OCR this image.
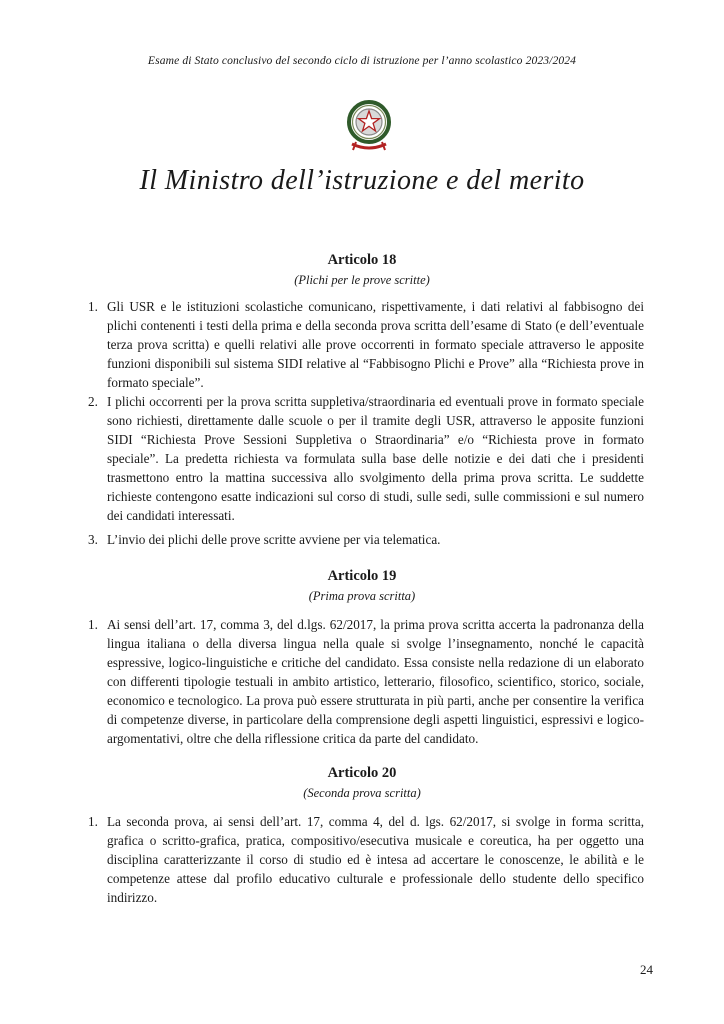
Esame di Stato conclusivo del secondo ciclo di istruzione per l’anno scolastico 2023/2024
Il Ministro dell’istruzione e del merito
Articolo 18
(Plichi per le prove scritte)
1. Gli USR e le istituzioni scolastiche comunicano, rispettivamente, i dati relativi al fabbisogno dei plichi contenenti i testi della prima e della seconda prova scritta dell’esame di Stato (e dell’eventuale terza prova scritta) e quelli relativi alle prove occorrenti in formato speciale attraverso le apposite funzioni disponibili sul sistema SIDI relative al “Fabbisogno Plichi e Prove” alla “Richiesta prove in formato speciale”.
2. I plichi occorrenti per la prova scritta suppletiva/straordinaria ed eventuali prove in formato speciale sono richiesti, direttamente dalle scuole o per il tramite degli USR, attraverso le apposite funzioni SIDI “Richiesta Prove Sessioni Suppletiva o Straordinaria” e/o “Richiesta prove in formato speciale”. La predetta richiesta va formulata sulla base delle notizie e dei dati che i presidenti trasmettono entro la mattina successiva allo svolgimento della prima prova scritta. Le suddette richieste contengono esatte indicazioni sul corso di studi, sulle sedi, sulle commissioni e sul numero dei candidati interessati.
3. L’invio dei plichi delle prove scritte avviene per via telematica.
Articolo 19
(Prima prova scritta)
1. Ai sensi dell’art. 17, comma 3, del d.lgs. 62/2017, la prima prova scritta accerta la padronanza della lingua italiana o della diversa lingua nella quale si svolge l’insegnamento, nonché le capacità espressive, logico-linguistiche e critiche del candidato. Essa consiste nella redazione di un elaborato con differenti tipologie testuali in ambito artistico, letterario, filosofico, scientifico, storico, sociale, economico e tecnologico. La prova può essere strutturata in più parti, anche per consentire la verifica di competenze diverse, in particolare della comprensione degli aspetti linguistici, espressivi e logico-argomentativi, oltre che della riflessione critica da parte del candidato.
Articolo 20
(Seconda prova scritta)
1. La seconda prova, ai sensi dell’art. 17, comma 4, del d. lgs. 62/2017, si svolge in forma scritta, grafica o scritto-grafica, pratica, compositivo/esecutiva musicale e coreutica, ha per oggetto una disciplina caratterizzante il corso di studio ed è intesa ad accertare le conoscenze, le abilità e le competenze attese dal profilo educativo culturale e professionale dello studente dello specifico indirizzo.
24
